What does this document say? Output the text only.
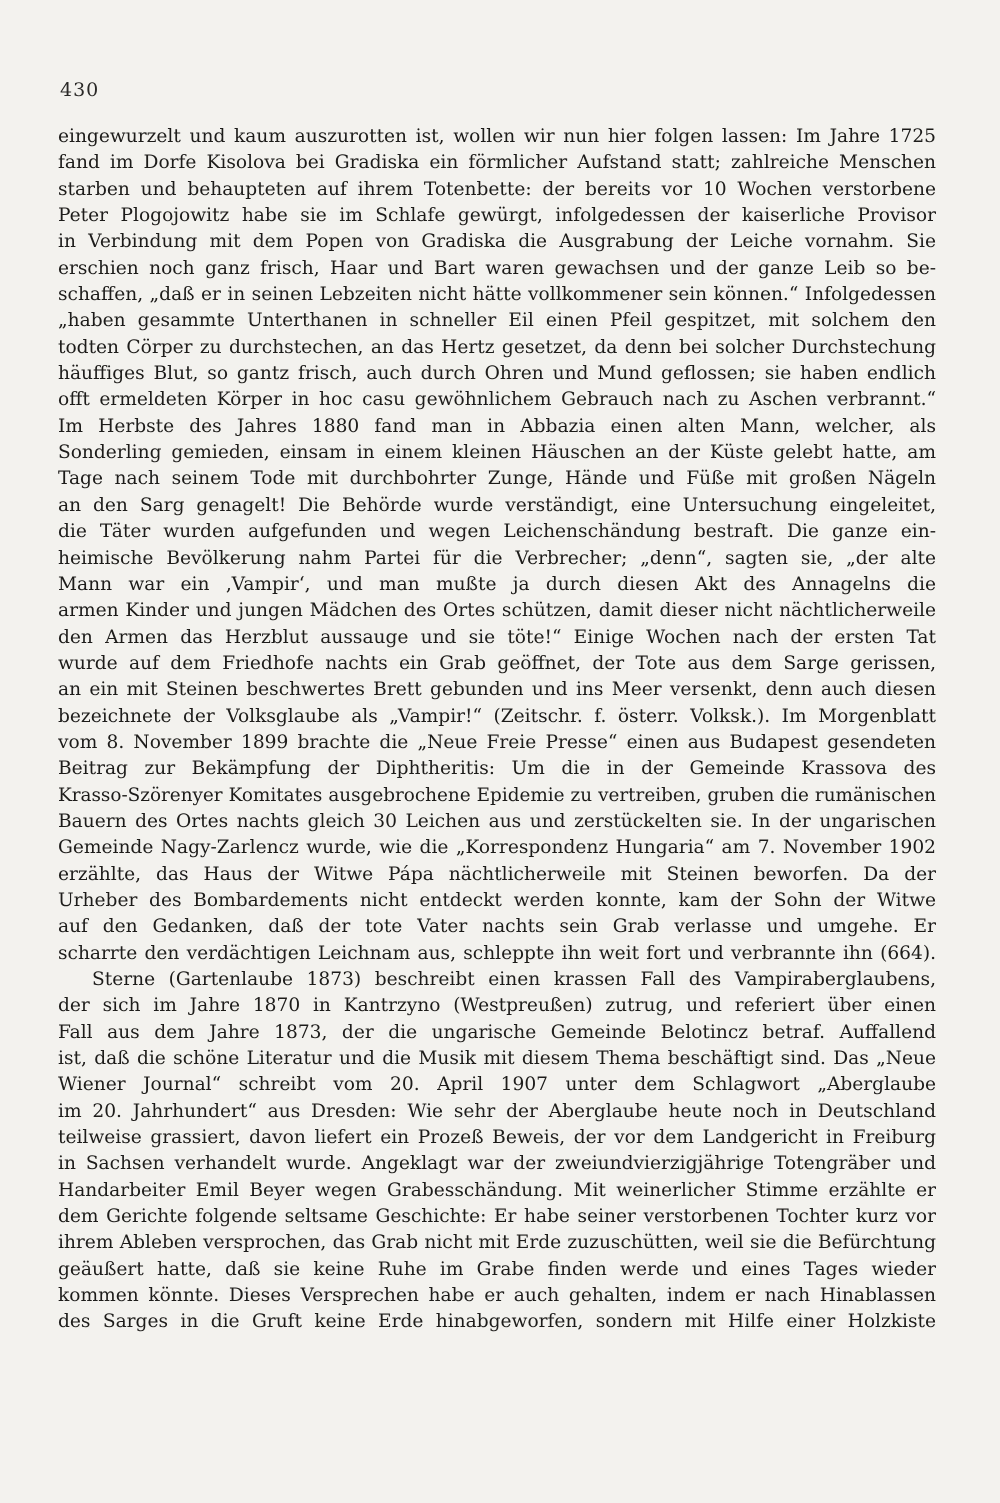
430
eingewurzelt und kaum auszurotten ist, wollen wir nun hier folgen lassen: Im Jahre 1725
fand im Dorfe Kisolova bei Gradiska ein förmlicher Aufstand statt; zahlreiche Menschen
starben und behaupteten auf ihrem Totenbette: der bereits vor 10 Wochen verstorbene
Peter Plogojowitz habe sie im Schlafe gewürgt, infolgedessen der kaiserliche Provisor
in Verbindung mit dem Popen von Gradiska die Ausgrabung der Leiche vornahm. Sie
erschien noch ganz frisch, Haar und Bart waren gewachsen und der ganze Leib so be-
schaffen, „daß er in seinen Lebzeiten nicht hätte vollkommener sein können.“ Infolgedessen
„haben gesammte Unterthanen in schneller Eil einen Pfeil gespitzet, mit solchem den
todten Cörper zu durchstechen, an das Hertz gesetzet, da denn bei solcher Durchstechung
häuffiges Blut, so gantz frisch, auch durch Ohren und Mund geflossen; sie haben endlich
offt ermeldeten Körper in hoc casu gewöhnlichem Gebrauch nach zu Aschen verbrannt.“
Im Herbste des Jahres 1880 fand man in Abbazia einen alten Mann, welcher, als
Sonderling gemieden, einsam in einem kleinen Häuschen an der Küste gelebt hatte, am
Tage nach seinem Tode mit durchbohrter Zunge, Hände und Füße mit großen Nägeln
an den Sarg genagelt! Die Behörde wurde verständigt, eine Untersuchung eingeleitet,
die Täter wurden aufgefunden und wegen Leichenschändung bestraft. Die ganze ein-
heimische Bevölkerung nahm Partei für die Verbrecher; „denn“, sagten sie, „der alte
Mann war ein ‚Vampir‘, und man mußte ja durch diesen Akt des Annagelns die
armen Kinder und jungen Mädchen des Ortes schützen, damit dieser nicht nächtlicherweile
den Armen das Herzblut aussauge und sie töte!“ Einige Wochen nach der ersten Tat
wurde auf dem Friedhofe nachts ein Grab geöffnet, der Tote aus dem Sarge gerissen,
an ein mit Steinen beschwertes Brett gebunden und ins Meer versenkt, denn auch diesen
bezeichnete der Volksglaube als „Vampir!“ (Zeitschr. f. österr. Volksk.). Im Morgenblatt
vom 8. November 1899 brachte die „Neue Freie Presse“ einen aus Budapest gesendeten
Beitrag zur Bekämpfung der Diphtheritis: Um die in der Gemeinde Krassova des
Krasso-Szörenyer Komitates ausgebrochene Epidemie zu vertreiben, gruben die rumänischen
Bauern des Ortes nachts gleich 30 Leichen aus und zerstückelten sie. In der ungarischen
Gemeinde Nagy-Zarlencz wurde, wie die „Korrespondenz Hungaria“ am 7. November 1902
erzählte, das Haus der Witwe Pápa nächtlicherweile mit Steinen beworfen. Da der
Urheber des Bombardements nicht entdeckt werden konnte, kam der Sohn der Witwe
auf den Gedanken, daß der tote Vater nachts sein Grab verlasse und umgehe. Er
scharrte den verdächtigen Leichnam aus, schleppte ihn weit fort und verbrannte ihn (664).
Sterne (Gartenlaube 1873) beschreibt einen krassen Fall des Vampiraberglaubens,
der sich im Jahre 1870 in Kantrzyno (Westpreußen) zutrug, und referiert über einen
Fall aus dem Jahre 1873, der die ungarische Gemeinde Belotincz betraf. Auffallend
ist, daß die schöne Literatur und die Musik mit diesem Thema beschäftigt sind. Das „Neue
Wiener Journal“ schreibt vom 20. April 1907 unter dem Schlagwort „Aberglaube
im 20. Jahrhundert“ aus Dresden: Wie sehr der Aberglaube heute noch in Deutschland
teilweise grassiert, davon liefert ein Prozeß Beweis, der vor dem Landgericht in Freiburg
in Sachsen verhandelt wurde. Angeklagt war der zweiundvierzigjährige Totengräber und
Handarbeiter Emil Beyer wegen Grabesschändung. Mit weinerlicher Stimme erzählte er
dem Gerichte folgende seltsame Geschichte: Er habe seiner verstorbenen Tochter kurz vor
ihrem Ableben versprochen, das Grab nicht mit Erde zuzuschütten, weil sie die Befürchtung
geäußert hatte, daß sie keine Ruhe im Grabe finden werde und eines Tages wieder
kommen könnte. Dieses Versprechen habe er auch gehalten, indem er nach Hinablassen
des Sarges in die Gruft keine Erde hinabgeworfen, sondern mit Hilfe einer Holzkiste
